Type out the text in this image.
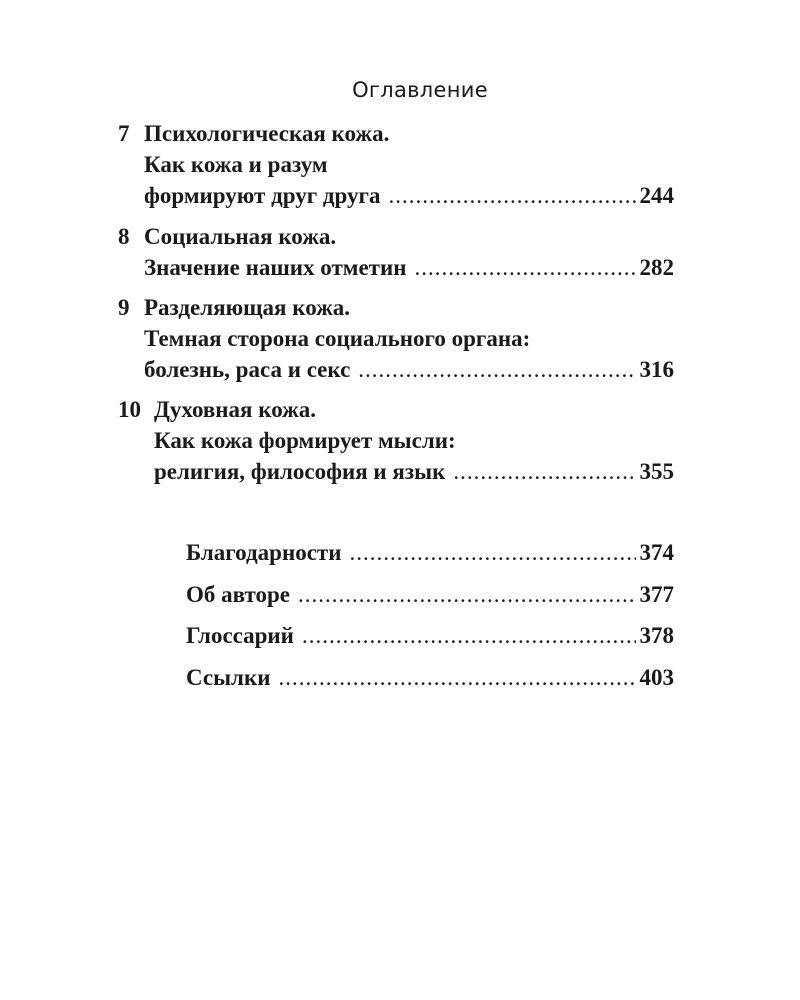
Оглавление
7 Психологическая кожа.
Как кожа и разум
формируют друг друга .....	244
8 Социальная кожа.
Значение наших отметин .....	282
9 Разделяющая кожа.
Темная сторона социального органа:
болезнь, раса и секс .....	316
10 Духовная кожа.
Как кожа формирует мысли:
религия, философия и язык .....	355
Благодарности .....	374
Об авторе .....	377
Глоссарий .....	378
Ссылки .....	403
